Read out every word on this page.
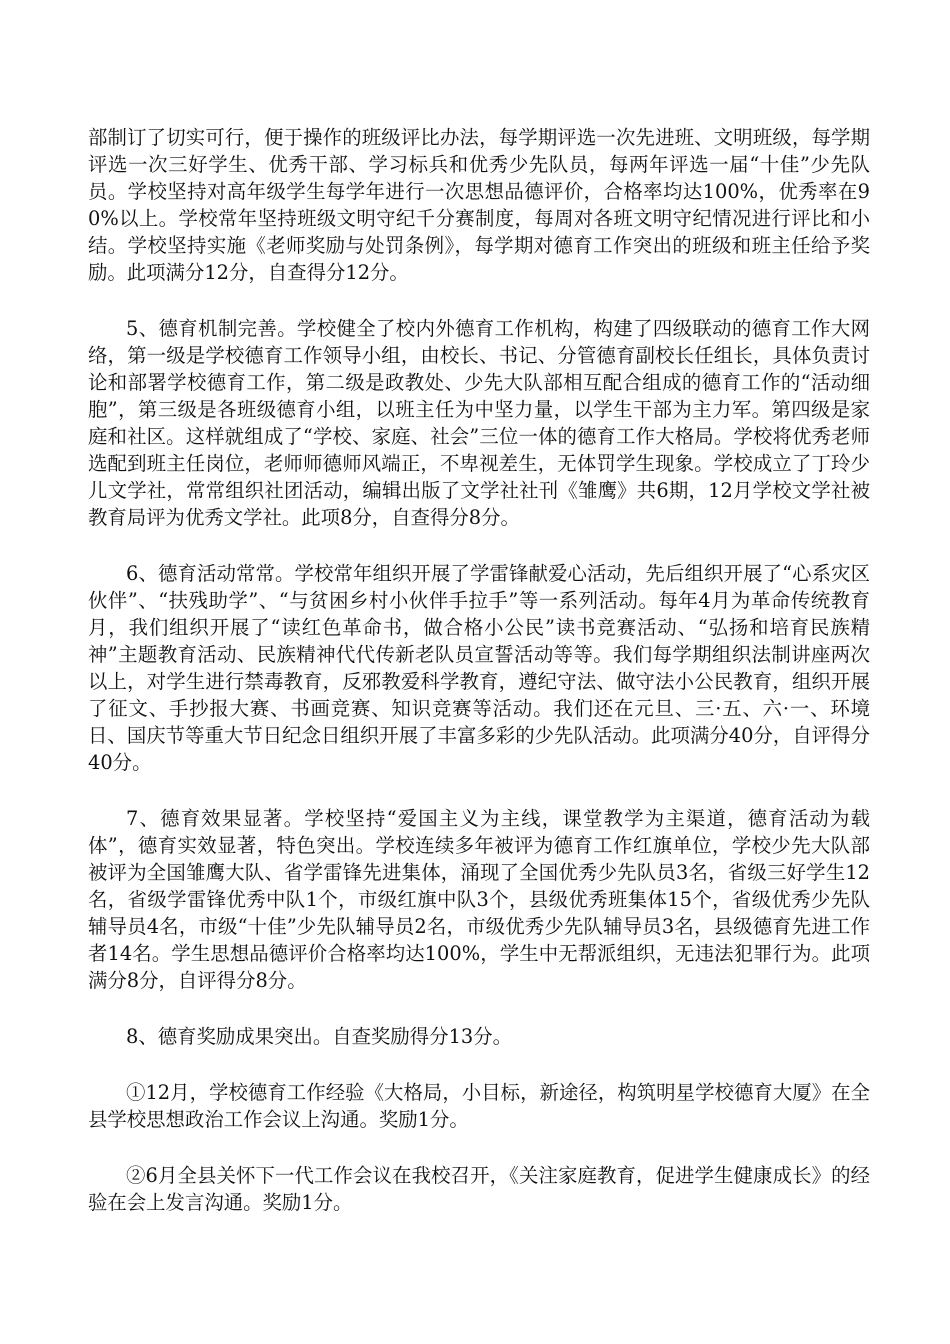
部制订了切实可行，便于操作的班级评比办法，每学期评选一次先进班、文明班级，每学期评选一次三好学生、优秀干部、学习标兵和优秀少先队员，每两年评选一届“十佳”少先队员。学校坚持对高年级学生每学年进行一次思想品德评价，合格率均达100%，优秀率在90%以上。学校常年坚持班级文明守纪千分赛制度，每周对各班文明守纪情况进行评比和小结。学校坚持实施《老师奖励与处罚条例》，每学期对德育工作突出的班级和班主任给予奖励。此项满分12分，自查得分12分。

5、德育机制完善。学校健全了校内外德育工作机构，构建了四级联动的德育工作大网络，第一级是学校德育工作领导小组，由校长、书记、分管德育副校长任组长，具体负责讨论和部署学校德育工作，第二级是政教处、少先大队部相互配合组成的德育工作的“活动细胞”，第三级是各班级德育小组，以班主任为中坚力量，以学生干部为主力军。第四级是家庭和社区。这样就组成了“学校、家庭、社会”三位一体的德育工作大格局。学校将优秀老师选配到班主任岗位，老师师德师风端正，不卑视差生，无体罚学生现象。学校成立了丁玲少儿文学社，常常组织社团活动，编辑出版了文学社社刊《雏鹰》共6期，12月学校文学社被教育局评为优秀文学社。此项8分，自查得分8分。

6、德育活动常常。学校常年组织开展了学雷锋献爱心活动，先后组织开展了“心系灾区伙伴”、“扶残助学”、“与贫困乡村小伙伴手拉手”等一系列活动。每年4月为革命传统教育月，我们组织开展了“读红色革命书，做合格小公民”读书竞赛活动、“弘扬和培育民族精神”主题教育活动、民族精神代代传新老队员宣誓活动等等。我们每学期组织法制讲座两次以上，对学生进行禁毒教育，反邪教爱科学教育，遵纪守法、做守法小公民教育，组织开展了征文、手抄报大赛、书画竞赛、知识竞赛等活动。我们还在元旦、三·五、六·一、环境日、国庆节等重大节日纪念日组织开展了丰富多彩的少先队活动。此项满分40分，自评得分40分。

7、德育效果显著。学校坚持“爱国主义为主线，课堂教学为主渠道，德育活动为载体”，德育实效显著，特色突出。学校连续多年被评为德育工作红旗单位，学校少先大队部被评为全国雏鹰大队、省学雷锋先进集体，涌现了全国优秀少先队员3名，省级三好学生12名，省级学雷锋优秀中队1个，市级红旗中队3个，县级优秀班集体15个，省级优秀少先队辅导员4名，市级“十佳”少先队辅导员2名，市级优秀少先队辅导员3名，县级德育先进工作者14名。学生思想品德评价合格率均达100%，学生中无帮派组织，无违法犯罪行为。此项满分8分，自评得分8分。

8、德育奖励成果突出。自查奖励得分13分。

①12月，学校德育工作经验《大格局，小目标，新途径，构筑明星学校德育大厦》在全县学校思想政治工作会议上沟通。奖励1分。

②6月全县关怀下一代工作会议在我校召开，《关注家庭教育，促进学生健康成长》的经验在会上发言沟通。奖励1分。
